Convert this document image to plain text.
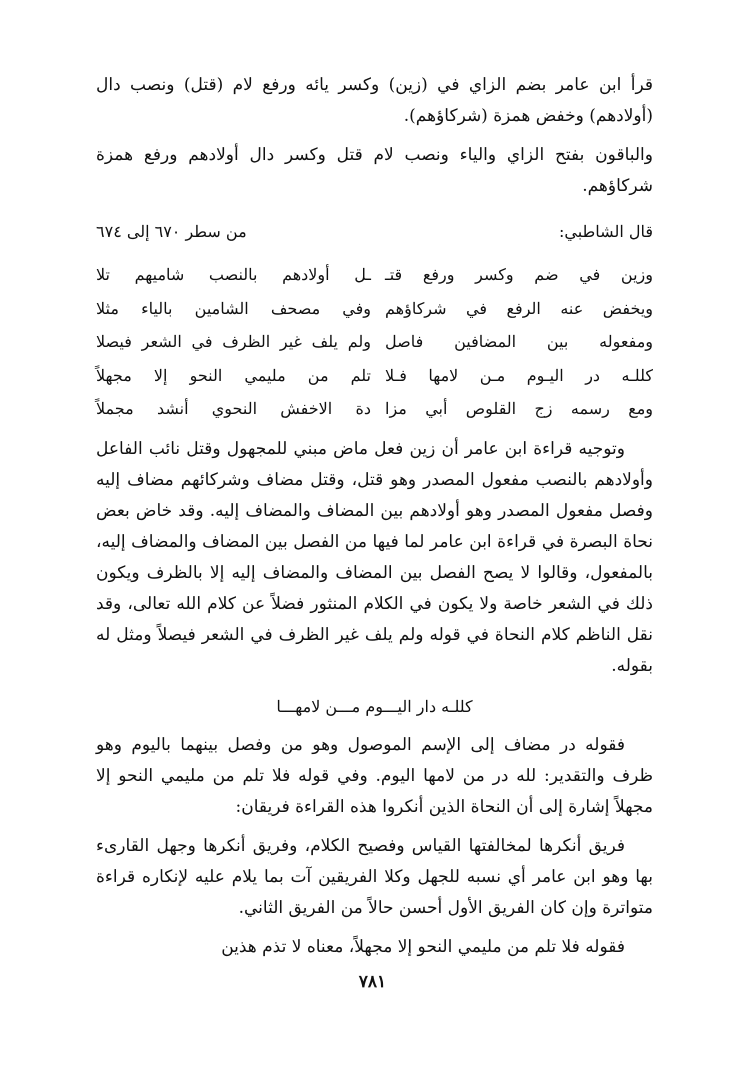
قرأ ابن عامر بضم الزاي في (زين) وكسر يائه ورفع لام (قتل) ونصب دال (أولادهم) وخفض همزة (شركاؤهم).

والباقون بفتح الزاي والياء ونصب لام قتل وكسر دال أولادهم ورفع همزة شركاؤهم.

قال الشاطبي:
من سطر ٦٧٠ إلى ٦٧٤
وزين في ضم وكسر ورفع قتـ
ـل أولادهم بالنصب شاميهم تلا
ويخفض عنه الرفع في شركاؤهم
وفي مصحف الشامين بالياء مثلا
ومفعوله بين المضافين فاصل
ولم يلف غير الظرف في الشعر فيصلا
كللـه در اليـوم مـن لامها فـلا
تلم من مليمي النحو إلا مجهلاً
ومع رسمه زج القلوص أبي مزا
دة الاخفش النحوي أنشد مجملاً

وتوجيه قراءة ابن عامر أن زين فعل ماض مبني للمجهول وقتل نائب الفاعل وأولادهم بالنصب مفعول المصدر وهو قتل، وقتل مضاف وشركائهم مضاف إليه وفصل مفعول المصدر وهو أولادهم بين المضاف والمضاف إليه. وقد خاض بعض نحاة البصرة في قراءة ابن عامر لما فيها من الفصل بين المضاف والمضاف إليه، بالمفعول، وقالوا لا يصح الفصل بين المضاف والمضاف إليه إلا بالظرف ويكون ذلك في الشعر خاصة ولا يكون في الكلام المنثور فضلاً عن كلام الله تعالى، وقد نقل الناظم كلام النحاة في قوله ولم يلف غير الظرف في الشعر فيصلاً ومثل له بقوله.

كللـه دار اليـــوم مـــن لامهـــا

فقوله در مضاف إلى الإسم الموصول وهو من وفصل بينهما باليوم وهو ظرف والتقدير: لله در من لامها اليوم. وفي قوله فلا تلم من مليمي النحو إلا مجهلاً إشارة إلى أن النحاة الذين أنكروا هذه القراءة فريقان:

فريق أنكرها لمخالفتها القياس وفصيح الكلام، وفريق أنكرها وجهل القارىء بها وهو ابن عامر أي نسبه للجهل وكلا الفريقين آت بما يلام عليه لإنكاره قراءة متواترة وإن كان الفريق الأول أحسن حالاً من الفريق الثاني.

فقوله فلا تلم من مليمي النحو إلا مجهلاً، معناه لا تذم هذين

٧٨١
